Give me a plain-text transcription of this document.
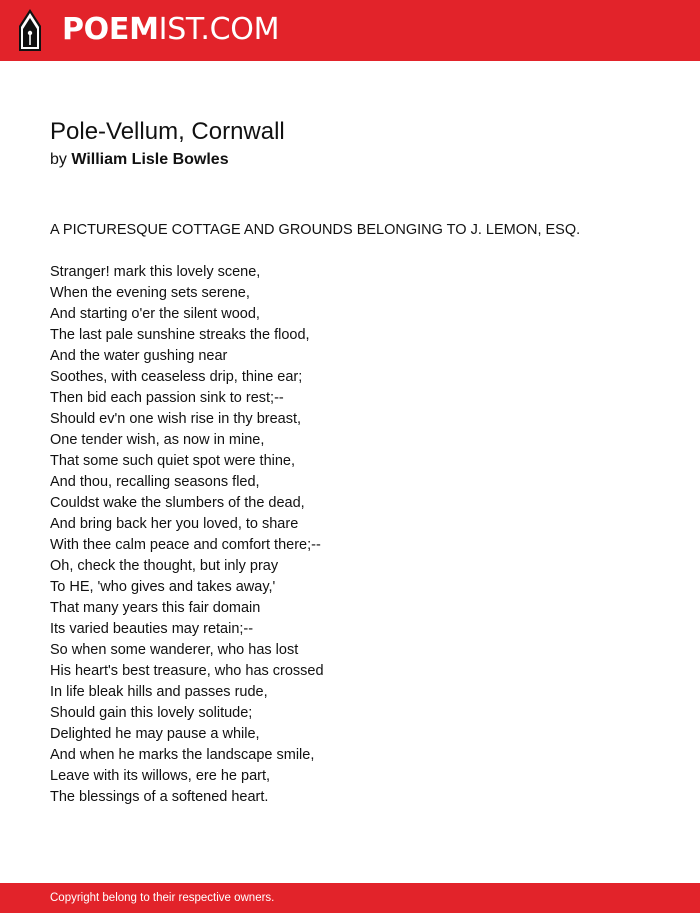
POEM IST.COM
Pole-Vellum, Cornwall
by William Lisle Bowles
A PICTURESQUE COTTAGE AND GROUNDS BELONGING TO J. LEMON, ESQ.
Stranger! mark this lovely scene,
When the evening sets serene,
And starting o'er the silent wood,
The last pale sunshine streaks the flood,
And the water gushing near
Soothes, with ceaseless drip, thine ear;
Then bid each passion sink to rest;--
Should ev'n one wish rise in thy breast,
One tender wish, as now in mine,
That some such quiet spot were thine,
And thou, recalling seasons fled,
Couldst wake the slumbers of the dead,
And bring back her you loved, to share
With thee calm peace and comfort there;--
Oh, check the thought, but inly pray
To HE, 'who gives and takes away,'
That many years this fair domain
Its varied beauties may retain;--
So when some wanderer, who has lost
His heart's best treasure, who has crossed
In life bleak hills and passes rude,
Should gain this lovely solitude;
Delighted he may pause a while,
And when he marks the landscape smile,
Leave with its willows, ere he part,
The blessings of a softened heart.
Copyright belong to their respective owners.
